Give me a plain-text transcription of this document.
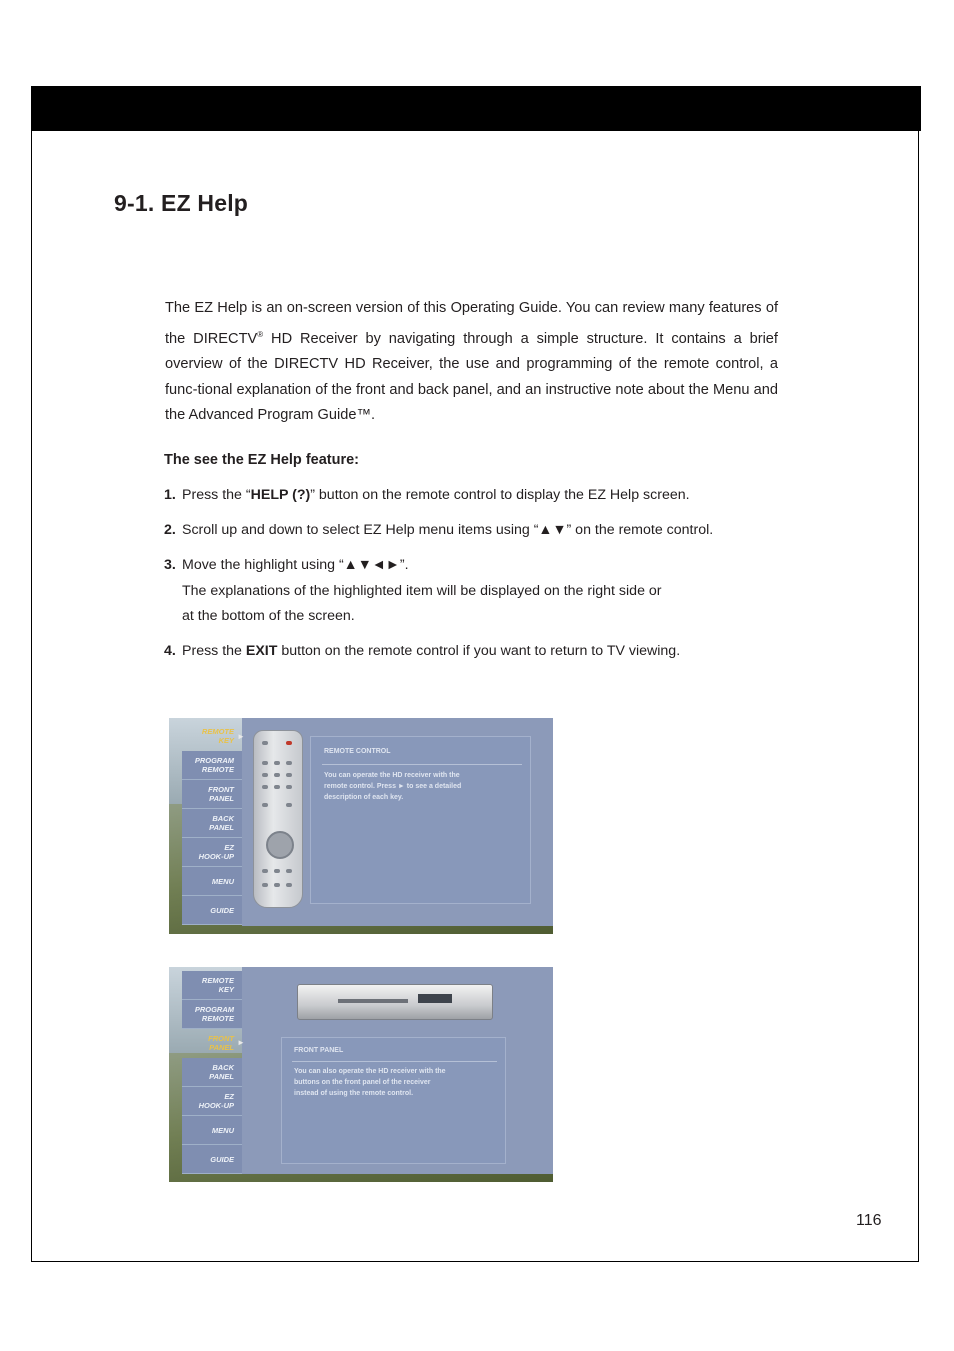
9-1. EZ Help

The EZ Help is an on-screen version of this Operating Guide. You can review many features of the DIRECTV® HD Receiver by navigating through a simple structure. It contains a brief overview of the DIRECTV HD Receiver, the use and programming of the remote control, a func-tional explanation of the front and back panel, and an instructive note about the Menu and the Advanced Program Guide™.

The see the EZ Help feature:

1. Press the “HELP (?)” button on the remote control to display the EZ Help screen.
2. Scroll up and down to select EZ Help menu items using “▲▼” on the remote control.
3. Move the highlight using “▲▼◄►”.
The explanations of the highlighted item will be displayed on the right side or
at the bottom of the screen.
4. Press the EXIT button on the remote control if you want to return to TV viewing.
REMOTE
KEY
PROGRAM
REMOTE
FRONT
PANEL
BACK
PANEL
EZ
HOOK-UP
MENU
GUIDE
►
REMOTE CONTROL
You can operate the HD receiver with the
remote control. Press ► to see a detailed
description of each key.
REMOTE
KEY
PROGRAM
REMOTE
FRONT
PANEL
BACK
PANEL
EZ
HOOK-UP
MENU
GUIDE
►
FRONT PANEL
You can also operate the HD receiver with the
buttons on the front panel of the receiver
instead of using the remote control.

116
